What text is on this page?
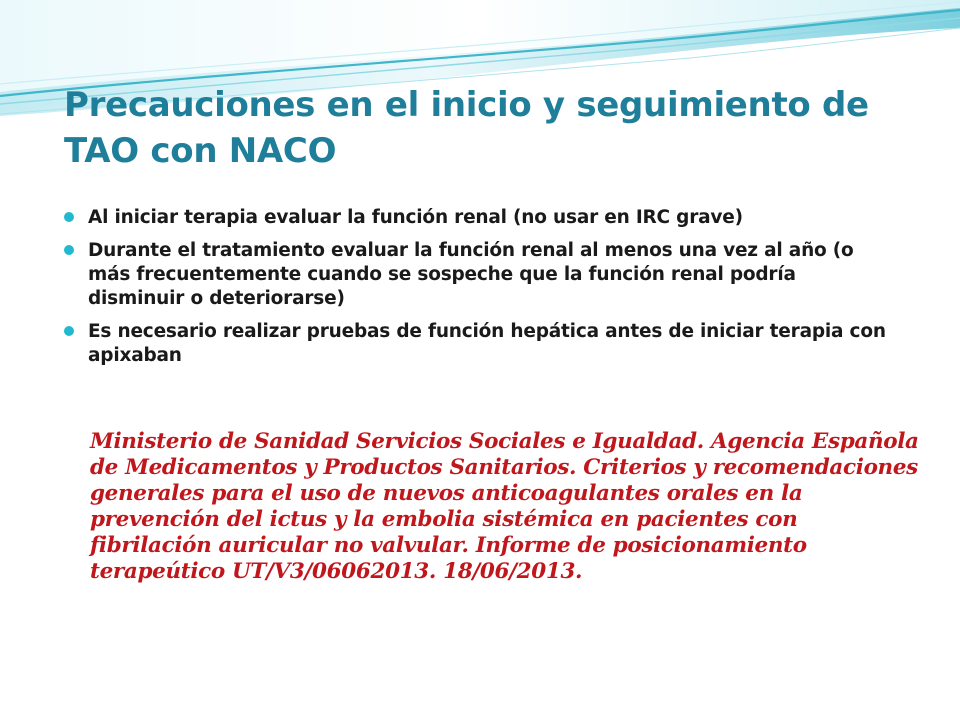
Precauciones en el inicio y seguimiento de TAO con NACO
Al iniciar terapia evaluar la función renal (no usar en IRC grave)
Durante el tratamiento evaluar la función renal al menos una vez al año (o más frecuentemente cuando se sospeche que la función renal podría disminuir o deteriorarse)
Es necesario realizar pruebas de función hepática antes de iniciar terapia con apixaban

Ministerio de Sanidad Servicios Sociales e Igualdad. Agencia Española de Medicamentos y Productos Sanitarios. Criterios y recomendaciones generales para el uso de nuevos anticoagulantes orales en la prevención del ictus y la embolia sistémica en pacientes con fibrilación auricular no valvular. Informe de posicionamiento terapeútico UT/V3/06062013. 18/06/2013.
